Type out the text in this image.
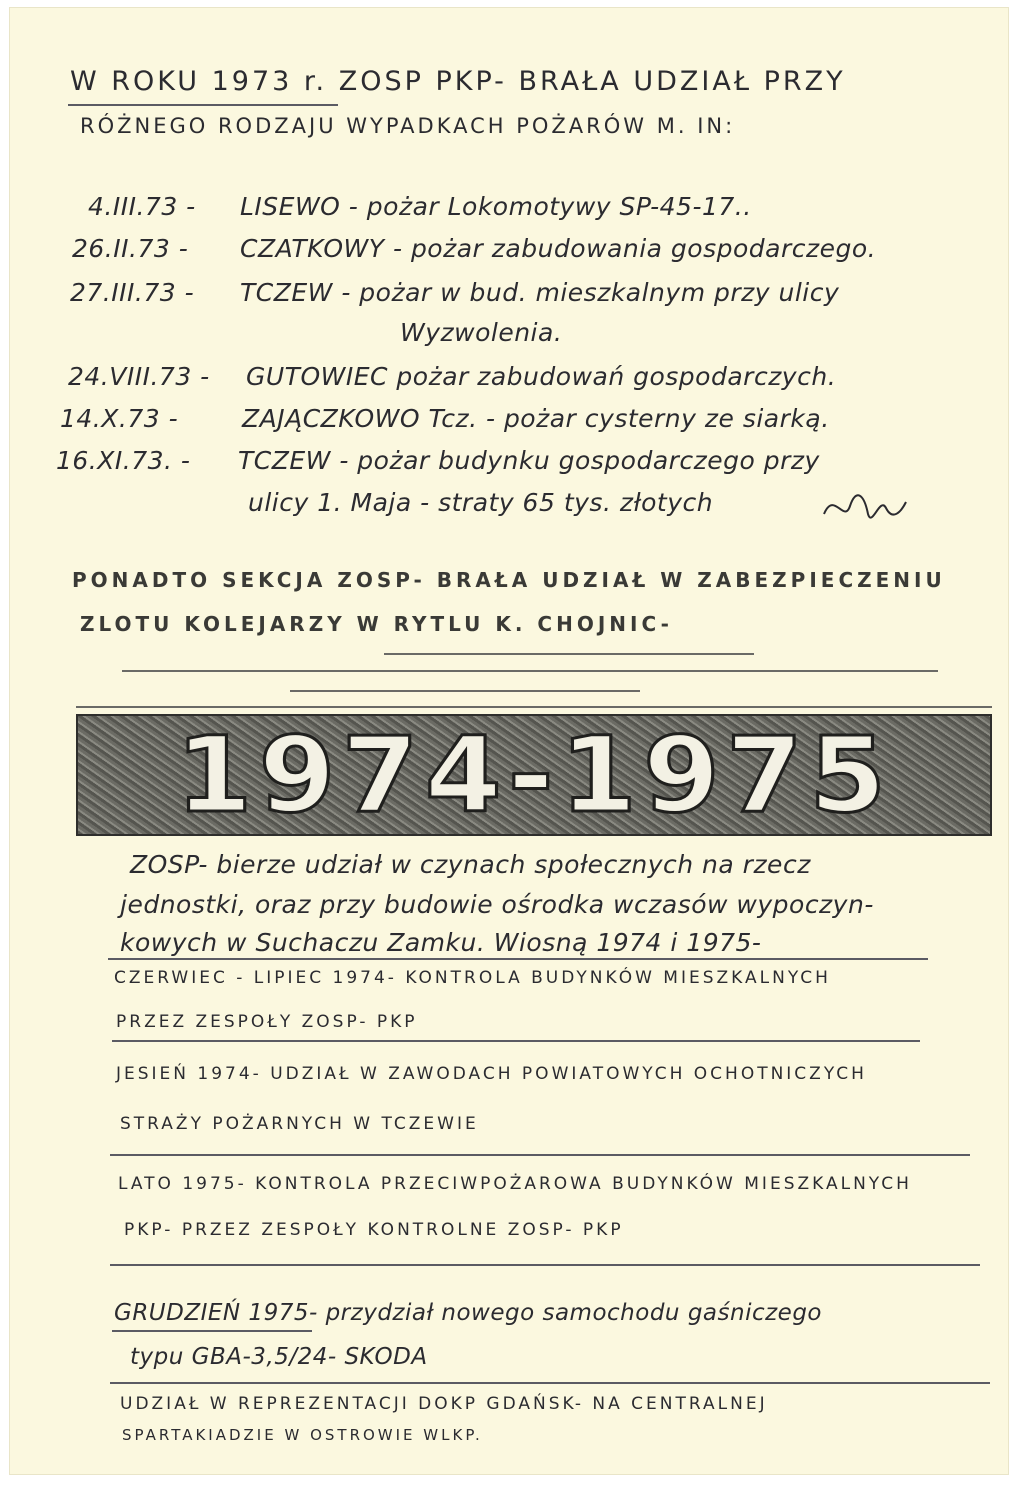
W ROKU 1973 r. ZOSP PKP- BRAŁA UDZIAŁ PRZY
RÓŻNEGO RODZAJU WYPADKACH POŻARÓW M. IN:
4.III.73 - LISEWO - pożar Lokomotywy SP-45-17..
26.II.73 - CZATKOWY - pożar zabudowania gospodarczego.
27.III.73 - TCZEW - pożar w bud. mieszkalnym przy ulicy
Wyzwolenia.
24.VIII.73 - GUTOWIEC pożar zabudowań gospodarczych.
14.X.73 -	ZAJĄCZKOWO Tcz. - pożar cysterny ze siarką.
16.XI.73. - TCZEW - pożar budynku gospodarczego przy
ulicy 1. Maja - straty 65 tys. złotych
PONADTO SEKCJA ZOSP- BRAŁA UDZIAŁ W ZABEZPIECZENIU
ZLOTU KOLEJARZY W RYTLU K. CHOJNIC-
1974-1975
ZOSP- bierze udział w czynach społecznych na rzecz
jednostki, oraz przy budowie ośrodka wczasów wypoczyn-
kowych w Suchaczu Zamku. Wiosną 1974 i 1975-
CZERWIEC - LIPIEC 1974- KONTROLA BUDYNKÓW MIESZKALNYCH
PRZEZ ZESPOŁY ZOSP- PKP
JESIEŃ 1974- UDZIAŁ W ZAWODACH POWIATOWYCH OCHOTNICZYCH
STRAŻY POŻARNYCH W TCZEWIE
LATO 1975- KONTROLA PRZECIWPOŻAROWA BUDYNKÓW MIESZKALNYCH
PKP- PRZEZ ZESPOŁY KONTROLNE ZOSP- PKP
GRUDZIEŃ 1975- przydział nowego samochodu gaśniczego
typu GBA-3,5/24- SKODA
UDZIAŁ W REPREZENTACJI DOKP GDAŃSK- NA CENTRALNEJ
SPARTAKIADZIE W OSTROWIE WLKP.
